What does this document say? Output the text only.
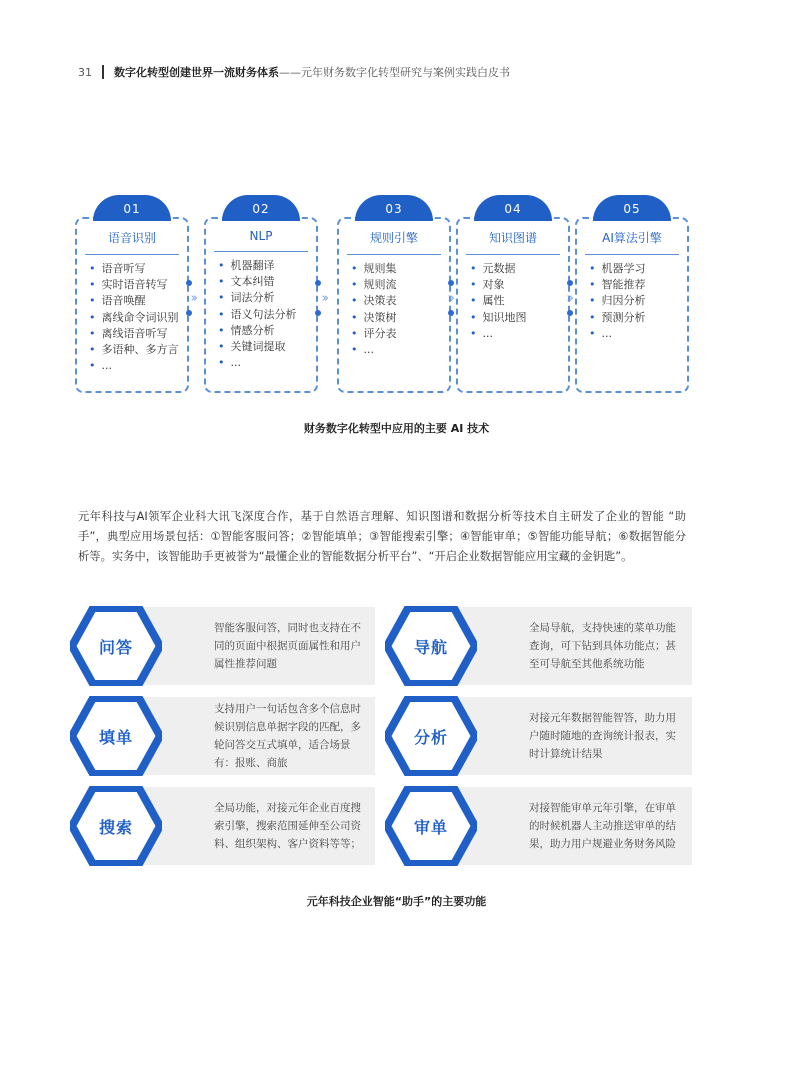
31 数字化转型创建世界一流财务体系 ——元年财务数字化转型研究与案例实践白皮书
01
语音识别
• 语音听写
• 实时语音转写
• 语音唤醒
• 离线命令词识别
• 离线语音听写
• 多语种、多方言
• ...
››
02
NLP
• 机器翻译
• 文本纠错
• 词法分析
• 语义句法分析
• 情感分析
• 关键词提取
• ...
››
03
规则引擎
• 规则集
• 规则流
• 决策表
• 决策树
• 评分表
• ...
››
04
知识图谱
• 元数据
• 对象
• 属性
• 知识地图
• ...
››
05
AI算法引擎
• 机器学习
• 智能推荐
• 归因分析
• 预测分析
• ...
财务数字化转型中应用的主要 AI 技术
元年科技与AI领军企业科大讯飞深度合作，基于自然语言理解、知识图谱和数据分析等技术自主研发了企业的智能 “助手”，典型应用场景包括：①智能客服问答；②智能填单；③智能搜索引擎；④智能审单；⑤智能功能导航；⑥数据智能分析等。实务中，该智能助手更被誉为“最懂企业的智能数据分析平台”、“开启企业数据智能应用宝藏的金钥匙”。
智能客服问答，同时也支持在不同的页面中根据页面属性和用户属性推荐问题
问答
全局导航，支持快速的菜单功能查询，可下钻到具体功能点；甚至可导航至其他系统功能
导航
支持用户一句话包含多个信息时候识别信息单据字段的匹配，多轮问答交互式填单，适合场景有：报账、商旅
填单
对接元年数据智能智答，助力用户随时随地的查询统计报表，实时计算统计结果
分析
全局功能，对接元年企业百度搜索引擎，搜索范围延伸至公司资料、组织架构、客户资料等等；
搜索
对接智能审单元年引擎，在审单的时候机器人主动推送审单的结果，助力用户规避业务财务风险
审单
元年科技企业智能“助手”的主要功能
